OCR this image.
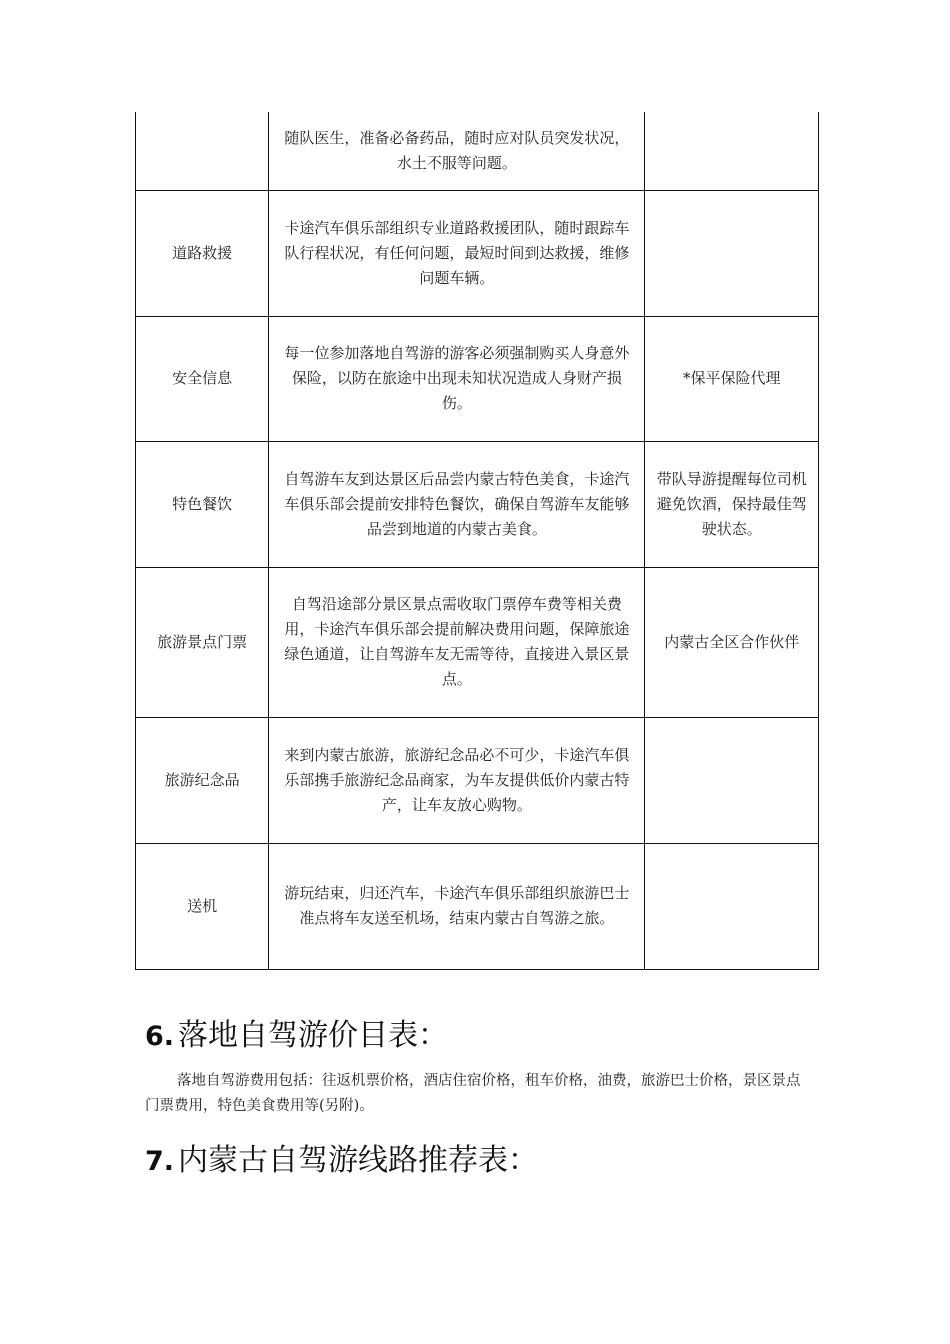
	随队医生，准备必备药品，随时应对队员突发状况，水土不服等问题。	
道路救援	卡途汽车俱乐部组织专业道路救援团队，随时跟踪车队行程状况，有任何问题，最短时间到达救援，维修问题车辆。	
安全信息	每一位参加落地自驾游的游客必须强制购买人身意外保险，以防在旅途中出现未知状况造成人身财产损伤。	*保平保险代理
特色餐饮	自驾游车友到达景区后品尝内蒙古特色美食，卡途汽车俱乐部会提前安排特色餐饮，确保自驾游车友能够品尝到地道的内蒙古美食。	带队导游提醒每位司机避免饮酒，保持最佳驾驶状态。
旅游景点门票	自驾沿途部分景区景点需收取门票停车费等相关费用，卡途汽车俱乐部会提前解决费用问题，保障旅途绿色通道，让自驾游车友无需等待，直接进入景区景点。	内蒙古全区合作伙伴
旅游纪念品	来到内蒙古旅游，旅游纪念品必不可少，卡途汽车俱乐部携手旅游纪念品商家，为车友提供低价内蒙古特产，让车友放心购物。	
送机	游玩结束，归还汽车，卡途汽车俱乐部组织旅游巴士准点将车友送至机场，结束内蒙古自驾游之旅。	
6. 落地自驾游价目表：

落地自驾游费用包括：往返机票价格，酒店住宿价格，租车价格，油费，旅游巴士价格，景区景点门票费用，特色美食费用等(另附)。

7. 内蒙古自驾游线路推荐表：
